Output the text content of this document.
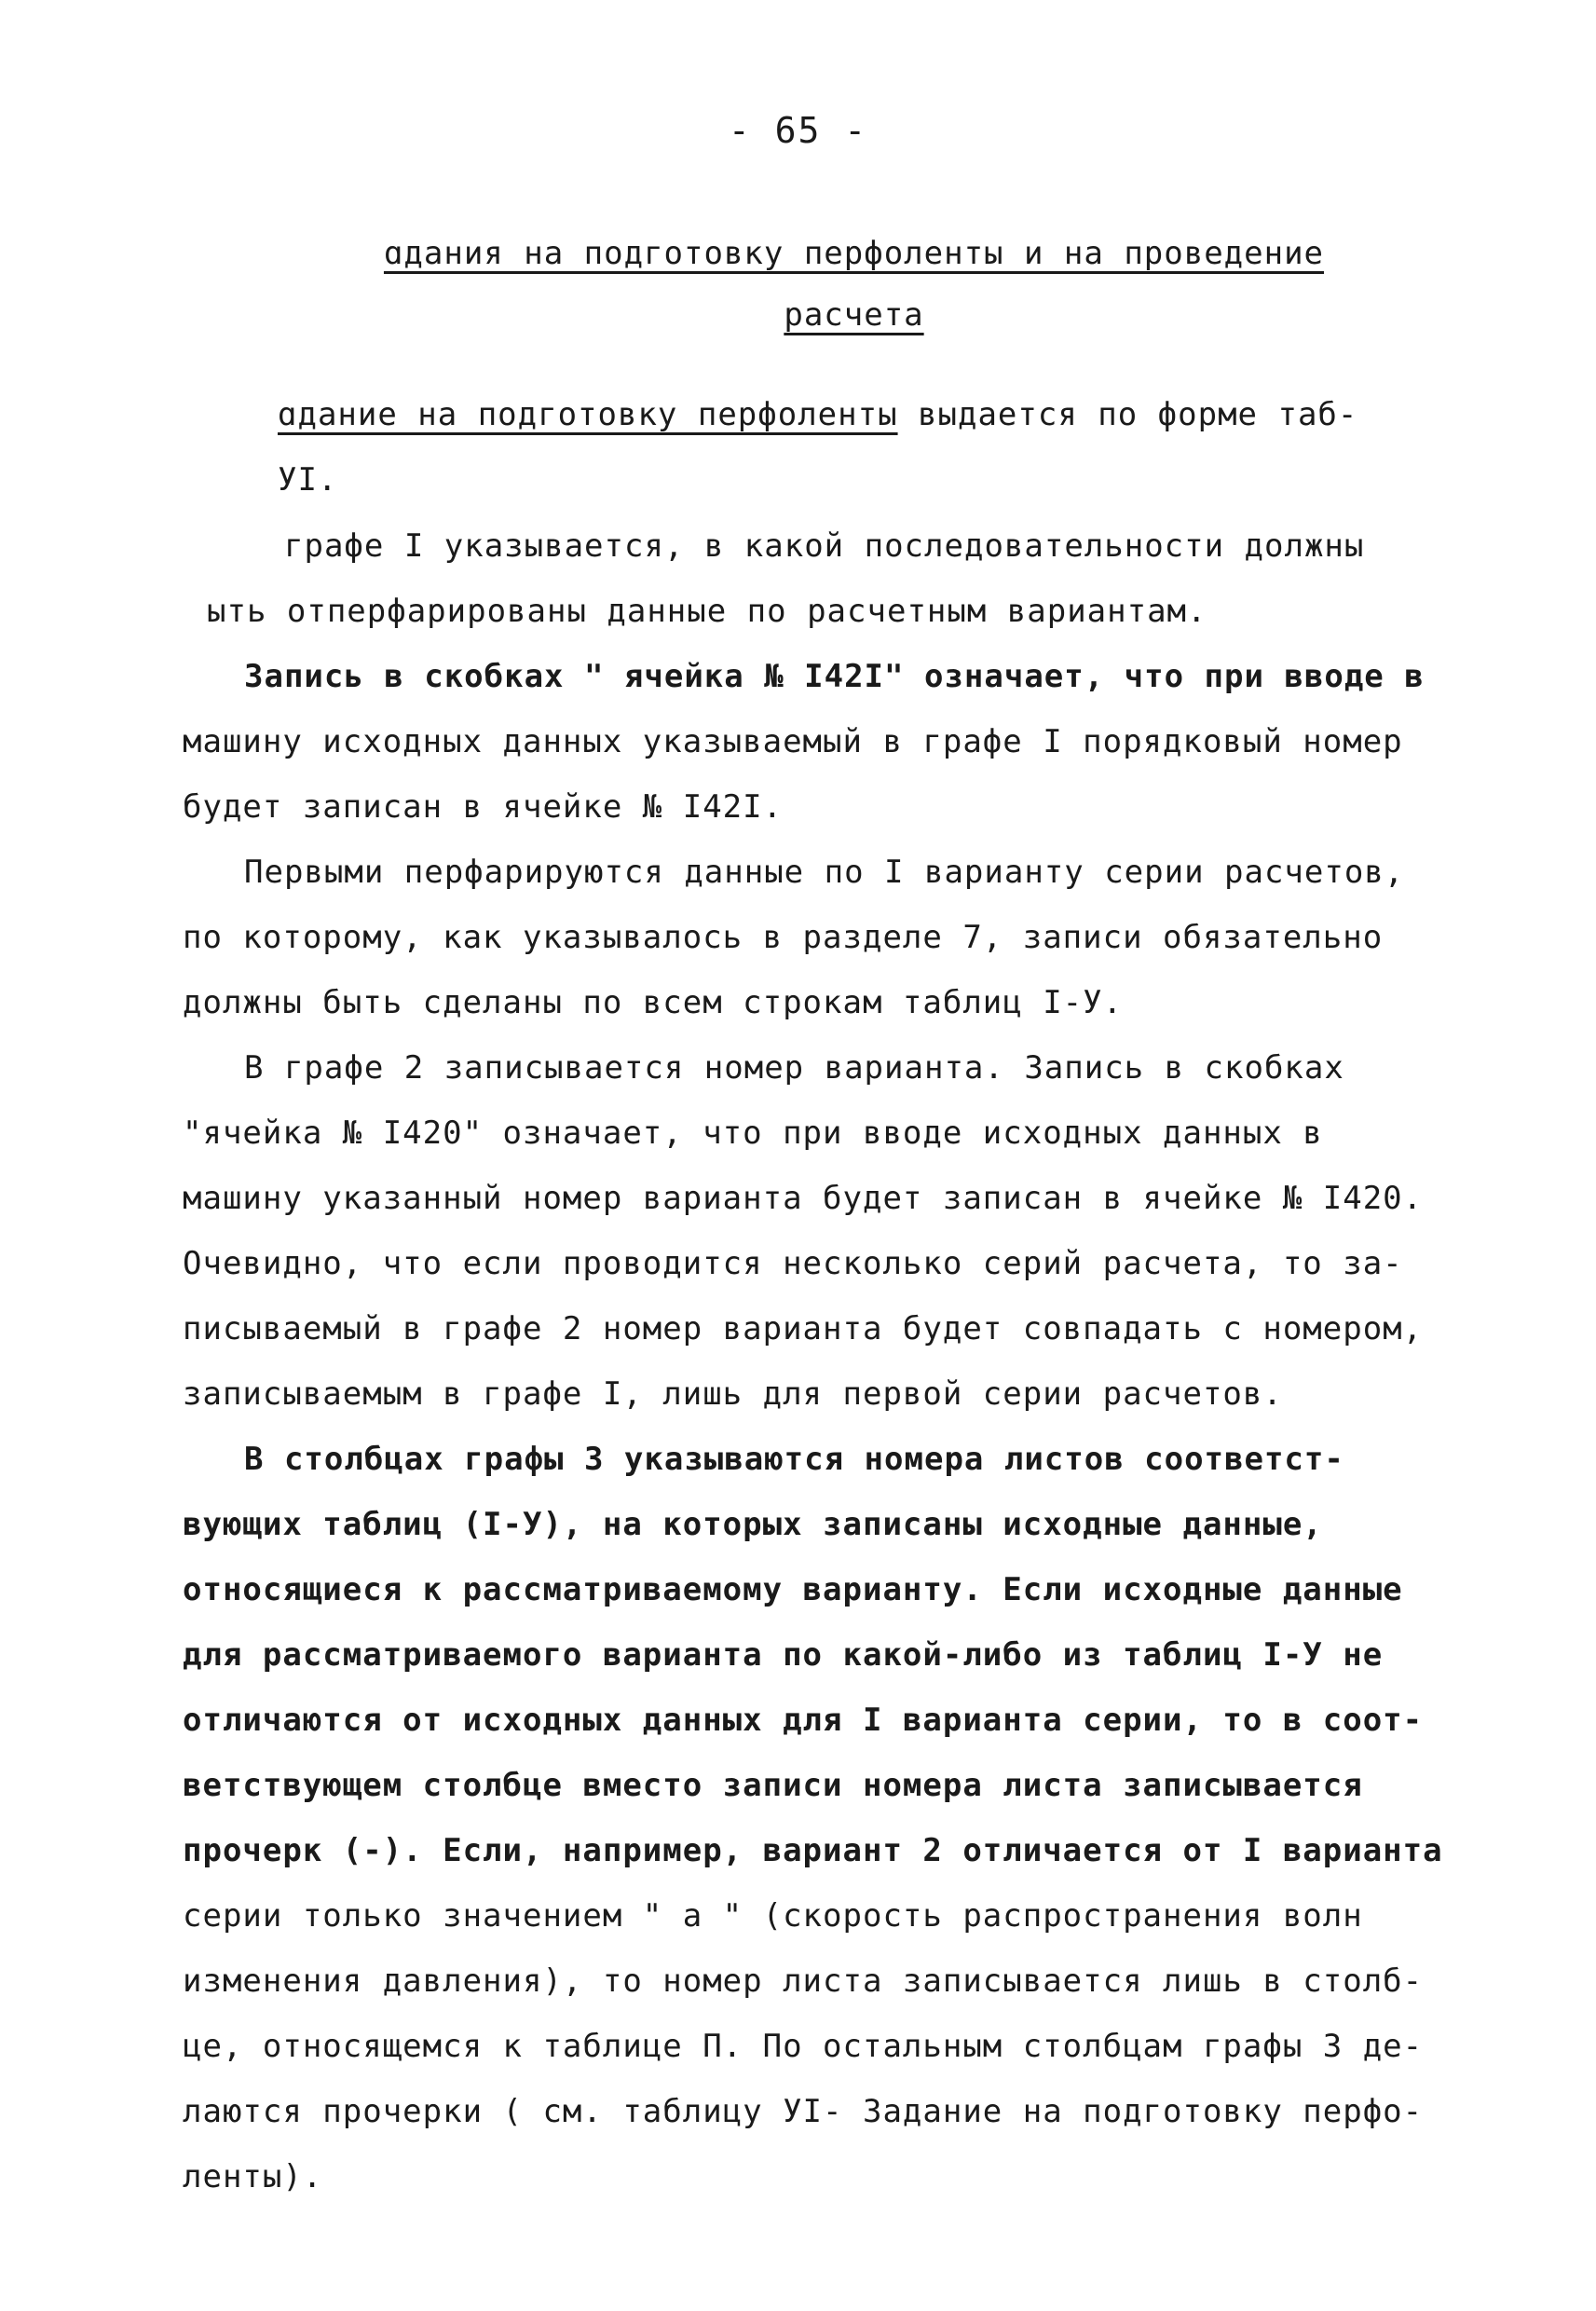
- 65 -
ɑдания на подготовку перфоленты и на проведение
расчета
ɑдание на подготовку перфоленты выдается по форме таб-
УI.
графе I указывается, в какой последовательности должны
ыть отперфарированы данные по расчетным вариантам.
Запись в скобках " ячейка № I42I" означает, что при вводе в
машину исходных данных указываемый в графе I порядковый номер
будет записан в ячейке № I42I.
Первыми перфарируются данные по I варианту серии расчетов,
по которому, как указывалось в разделе 7, записи обязательно
должны быть сделаны по всем строкам таблиц I-У.
В графе 2 записывается номер варианта. Запись в скобках
"ячейка № I420" означает, что при вводе исходных данных в
машину указанный номер варианта будет записан в ячейке № I420.
Очевидно, что если проводится несколько серий расчета, то за-
писываемый в графе 2 номер варианта будет совпадать с номером,
записываемым в графе I, лишь для первой серии расчетов.
В столбцах графы 3 указываются номера листов соответст-
вующих таблиц (I-У), на которых записаны исходные данные,
относящиеся к рассматриваемому варианту. Если исходные данные
для рассматриваемого варианта по какой-либо из таблиц I-У не
отличаются от исходных данных для I варианта серии, то в соот-
ветствующем столбце вместо записи номера листа записывается
прочерк (-). Если, например, вариант 2 отличается от I варианта
серии только значением " a " (скорость распространения волн
изменения давления), то номер листа записывается лишь в столб-
це, относящемся к таблице П. По остальным столбцам графы 3 де-
лаются прочерки ( см. таблицу УI- Задание на подготовку перфо-
ленты).
